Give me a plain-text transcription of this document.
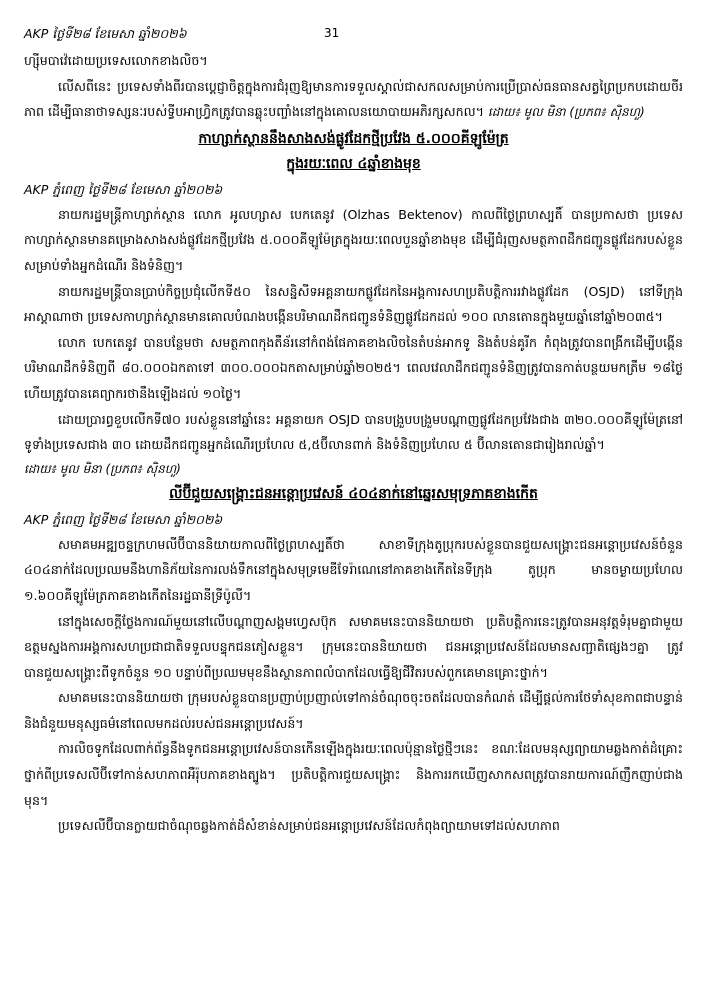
AKP ថ្ងៃទី២៨ ខែមេសា ឆ្នាំ២០២៦	31

ហ្ស៊ីមបាវ៉េដោយប្រទេសលោកខាងលិច។

លើសពីនេះ ប្រទេសទាំងពីរបានប្ដេជ្ញាចិត្តក្នុងការជំរុញឱ្យមានការទទួលស្គាល់ជាសកលសម្រាប់ការប្រើប្រាស់ធនធានសត្វព្រៃប្រកបដោយចីរភាព ដើម្បីធានាថាទស្សនៈរបស់ទ្វីបអាហ្វ្រិកត្រូវបានឆ្លុះបញ្ចាំងនៅក្នុងគោលនយោបាយអភិរក្សសកល។ ដោយ៖ មូល មិនា (ប្រភព៖ ស៊ិនហួ)

កាហ្សាក់ស្ថាននឹងសាងសង់ផ្លូវដែកថ្មីប្រវែង ៥.០០០គីឡូម៉ែត្រ
ក្នុងរយៈពេល ៤ឆ្នាំខាងមុខ
AKP ភ្នំពេញ ថ្ងៃទី២៨ ខែមេសា ឆ្នាំ២០២៦

នាយករដ្ឋមន្ត្រីកាហ្សាក់ស្ថាន លោក អូលហ្សាស បេកតេនូវ (Olzhas Bektenov) កាលពីថ្ងៃព្រហស្បតិ៍ បានប្រកាសថា ប្រទេសកាហ្សាក់ស្ថានមានគម្រោងសាងសង់ផ្លូវដែកថ្មីប្រវែង ៥.០០០គីឡូម៉ែត្រក្នុងរយៈពេលបួនឆ្នាំខាងមុខ ដើម្បីជំរុញសមត្ថភាពដឹកជញ្ជូនផ្លូវដែករបស់ខ្លួនសម្រាប់ទាំងអ្នកដំណើរ និងទំនិញ។

នាយករដ្ឋមន្ត្រីបានប្រាប់កិច្ចប្រជុំលើកទី៥០ នៃសន្និសីទអគ្គនាយកផ្លូវដែកនៃអង្គការសហប្រតិបត្តិការរវាងផ្លូវដែក (OSJD) នៅទីក្រុងអាស្តាណាថា ប្រទេសកាហ្សាក់ស្ថានមានគោលបំណងបង្កើនបរិមាណដឹកជញ្ជូនទំនិញផ្លូវដែកដល់ ១០០ លានតោនក្នុងមួយឆ្នាំនៅឆ្នាំ២០៣៥។

លោក បេកតេនូវ បានបន្ថែមថា សមត្ថភាពកុងតឺន័រនៅកំពង់ផែភាគខាងលិចនៃតំបន់អាកទូ និងតំបន់គូរីក កំពុងត្រូវបានពង្រីកដើម្បីបង្កើនបរិមាណដឹកទំនិញពី ៨០.០០០ឯកតាទៅ ៣០០.០០០ឯកតាសម្រាប់ឆ្នាំ២០២៥។ ពេលវេលាដឹកជញ្ជូនទំនិញត្រូវបានកាត់បន្ថយមកត្រឹម ១៨ថ្ងៃ ហើយត្រូវបានគេព្យាករថានឹងឡើងដល់ ១០ថ្ងៃ។

ដោយប្រារព្ធខួបលើកទី៧០ របស់ខ្លួននៅឆ្នាំនេះ អគ្គនាយក OSJD បានបង្រួបបង្រួមបណ្ដាញផ្លូវដែកប្រវែងជាង ៣២០.០០០គីឡូម៉ែត្រនៅទូទាំងប្រទេសជាង ៣០ ដោយដឹកជញ្ជូនអ្នកដំណើរប្រហែល ៥,៥ប៊ីលានពាក់ និងទំនិញប្រហែល ៥ ប៊ីលានតោនជារៀងរាល់ឆ្នាំ។

ដោយ៖ មូល មិនា (ប្រភព៖ ស៊ិនហួ)
លីប៊ីជួយសង្គ្រោះជនអន្តោប្រវេសន៍ ៤០៤នាក់នៅឆ្នេរសមុទ្រភាគខាងកើត
AKP ភ្នំពេញ ថ្ងៃទី២៨ ខែមេសា ឆ្នាំ២០២៦

សមាគមអឌ្ឍចន្ទក្រហមលីប៊ីបាននិយាយកាលពីថ្ងៃព្រហស្បតិ៍ថា សាខាទីក្រុងតូប្រុករបស់ខ្លួនបានជួយសង្គ្រោះជនអន្តោប្រវេសន៍ចំនួន ៤០៤នាក់ដែលប្រឈមនឹងហានិភ័យនៃការលង់ទឹកនៅក្នុងសមុទ្រមេឌីទែរ៉ាណេនៅភាគខាងកើតនៃទីក្រុង តូប្រុក មានចម្ងាយប្រហែល ១.៦០០គីឡូម៉ែត្រភាគខាងកើតនៃរដ្ឋធានីទ្រីប៉ូលី។

នៅក្នុងសេចក្តីថ្លែងការណ៍មួយនៅលើបណ្ដាញសង្គមហ្វេសប៊ុក សមាគមនេះបាននិយាយថា ប្រតិបត្តិការនេះត្រូវបានអនុវត្តទំរុមគ្នាជាមួយឧត្តមស្នងការអង្គការសហប្រជាជាតិទទួលបន្ទុកជនភៀសខ្លួន។ ក្រុមនេះបាននិយាយថា ជនអន្តោប្រវេសន៍ដែលមានសញ្ជាតិផ្សេងៗគ្នា ត្រូវបានជួយសង្គ្រោះពីទូកចំនួន ១០ បន្ទាប់ពីប្រឈមមុខនឹងស្ថានភាពលំបាកដែលធ្វើឱ្យជីវិតរបស់ពួកគេមានគ្រោះថ្នាក់។

សមាគមនេះបាននិយាយថា ក្រុមរបស់ខ្លួនបានប្រញាប់ប្រញាល់ទៅកាន់ចំណុចចុះចតដែលបានកំណត់ ដើម្បីផ្ដល់ការថែទាំសុខភាពជាបន្ទាន់ និងជំនួយមនុស្សធម៌នៅពេលមកដល់របស់ជនអន្តោប្រវេសន៍។

ការលិចទូកដែលពាក់ព័ន្ធនឹងទូកជនអន្តោប្រវេសន៍បានកើនឡើងក្នុងរយៈពេលប៉ុន្មានថ្ងៃថ្មីៗនេះ ខណៈដែលមនុស្សព្យាយាមឆ្លងកាត់ដំគ្រោះថ្នាក់ពីប្រទេសលីប៊ីទៅកាន់សហភាពអឺរ៉ុបភាគខាងត្បូង។ ប្រតិបត្តិការជួយសង្គ្រោះ និងការរកឃើញសាកសពត្រូវបានរាយការណ៍ញឹកញាប់ជាងមុន។

ប្រទេសលីប៊ីបានក្លាយជាចំណុចឆ្លងកាត់ដ៏សំខាន់សម្រាប់ជនអន្តោប្រវេសន៍ដែលកំពុងព្យាយាមទៅដល់សហភាព
